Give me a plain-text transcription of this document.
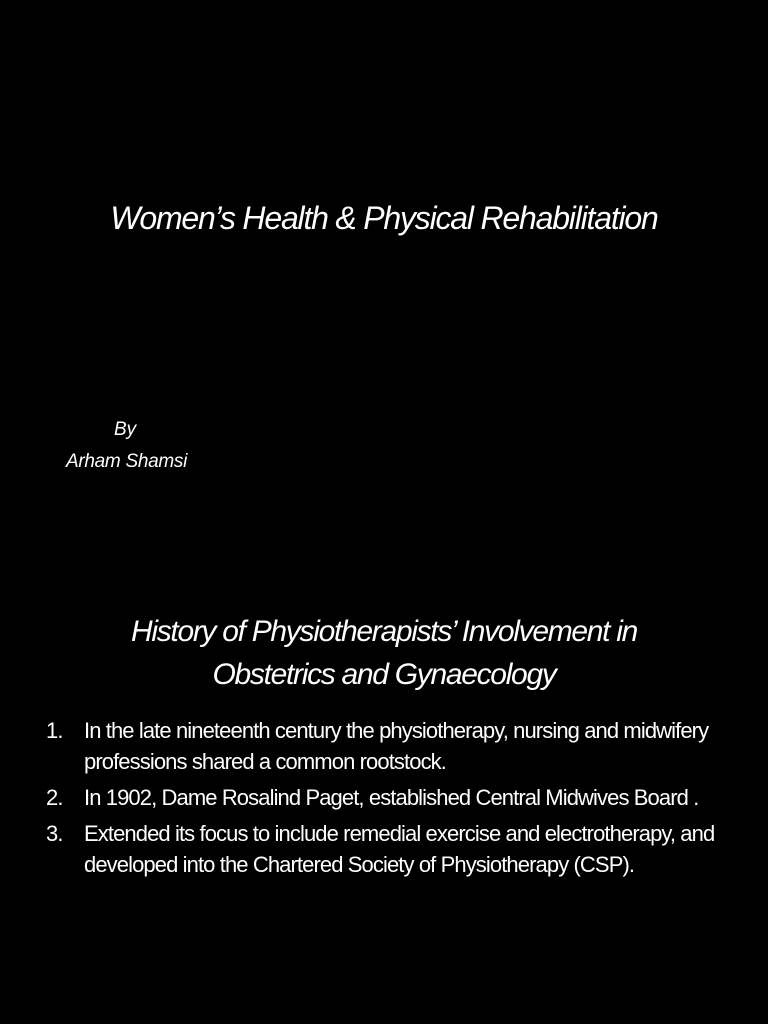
Women’s Health & Physical Rehabilitation
By
Arham Shamsi
History of Physiotherapists’ Involvement in
Obstetrics and Gynaecology
1. In the late nineteenth century the physiotherapy, nursing and midwifery professions shared a common rootstock.
2. In 1902, Dame Rosalind Paget, established Central Midwives Board .
3. Extended its focus to include remedial exercise and electrotherapy, and developed into the Chartered Society of Physiotherapy (CSP).
